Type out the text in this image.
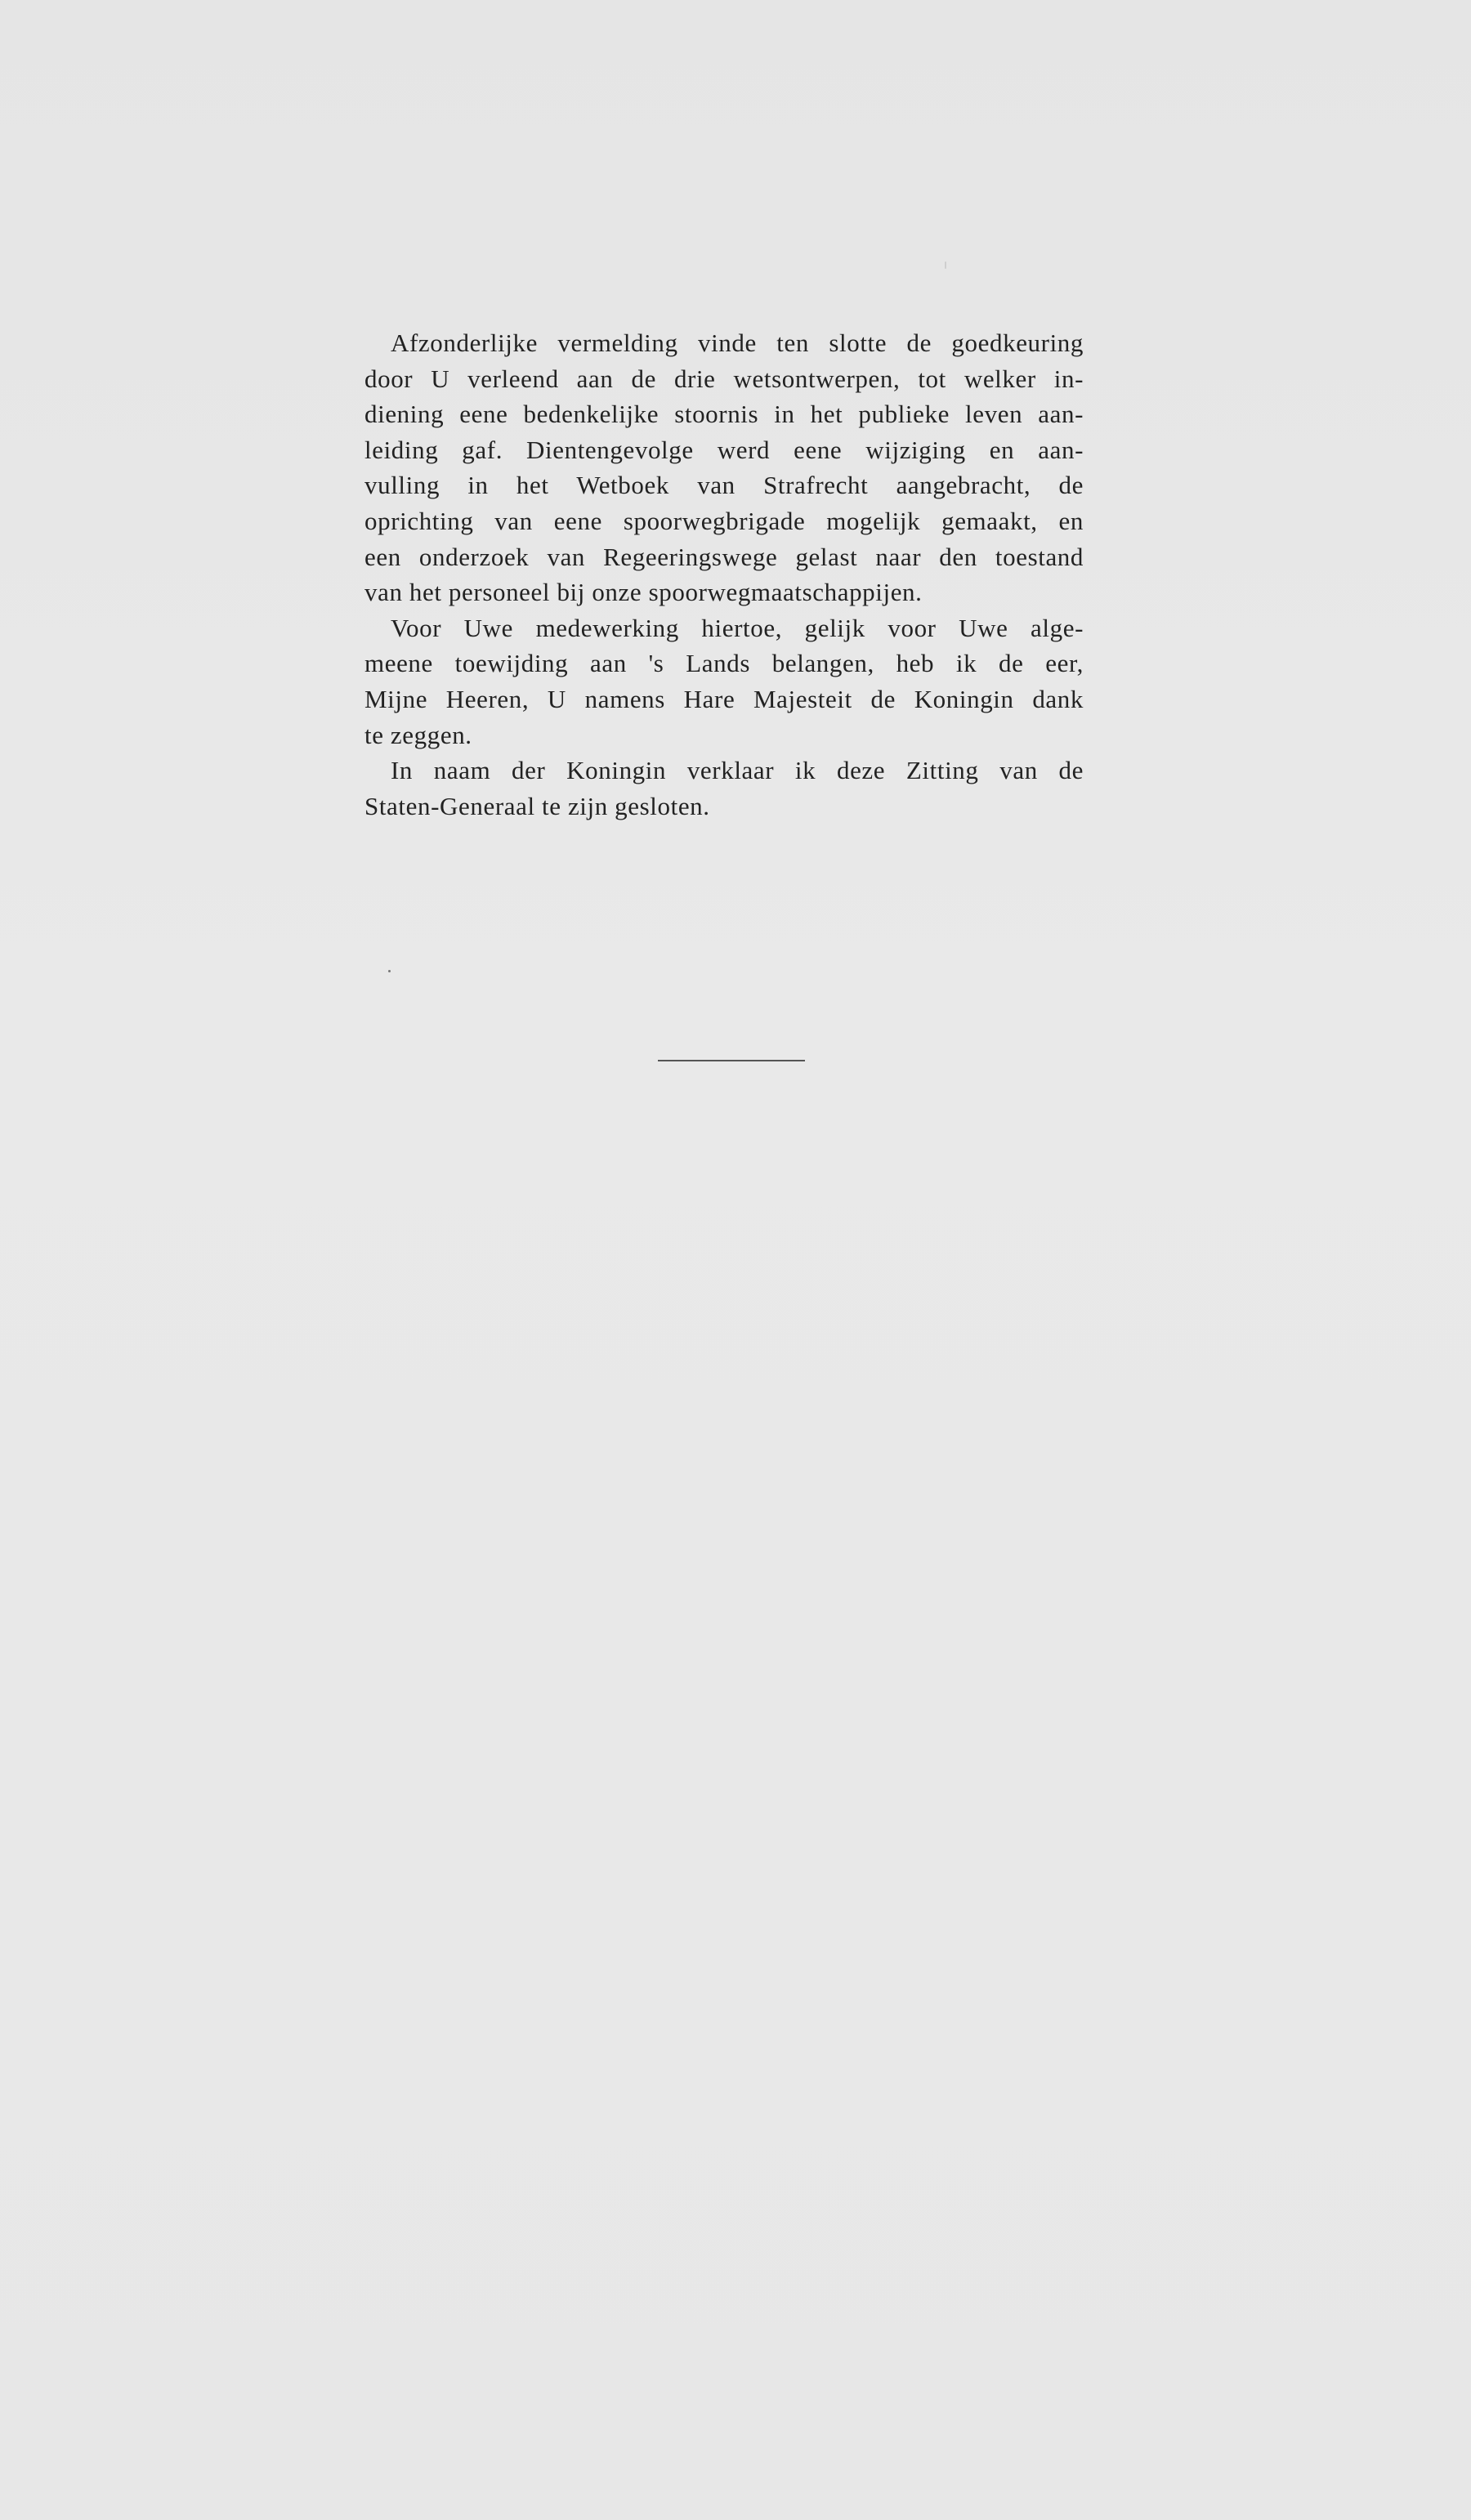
Afzonderlijke vermelding vinde ten slotte de goedkeuring
door U verleend aan de drie wetsontwerpen, tot welker in-
diening eene bedenkelijke stoornis in het publieke leven aan-
leiding gaf. Dientengevolge werd eene wijziging en aan-
vulling in het Wetboek van Strafrecht aangebracht, de
oprichting van eene spoorwegbrigade mogelijk gemaakt, en
een onderzoek van Regeeringswege gelast naar den toestand
van het personeel bij onze spoorwegmaatschappijen.
Voor Uwe medewerking hiertoe, gelijk voor Uwe alge-
meene toewijding aan 's Lands belangen, heb ik de eer,
Mijne Heeren, U namens Hare Majesteit de Koningin dank
te zeggen.
In naam der Koningin verklaar ik deze Zitting van de
Staten-Generaal te zijn gesloten.
